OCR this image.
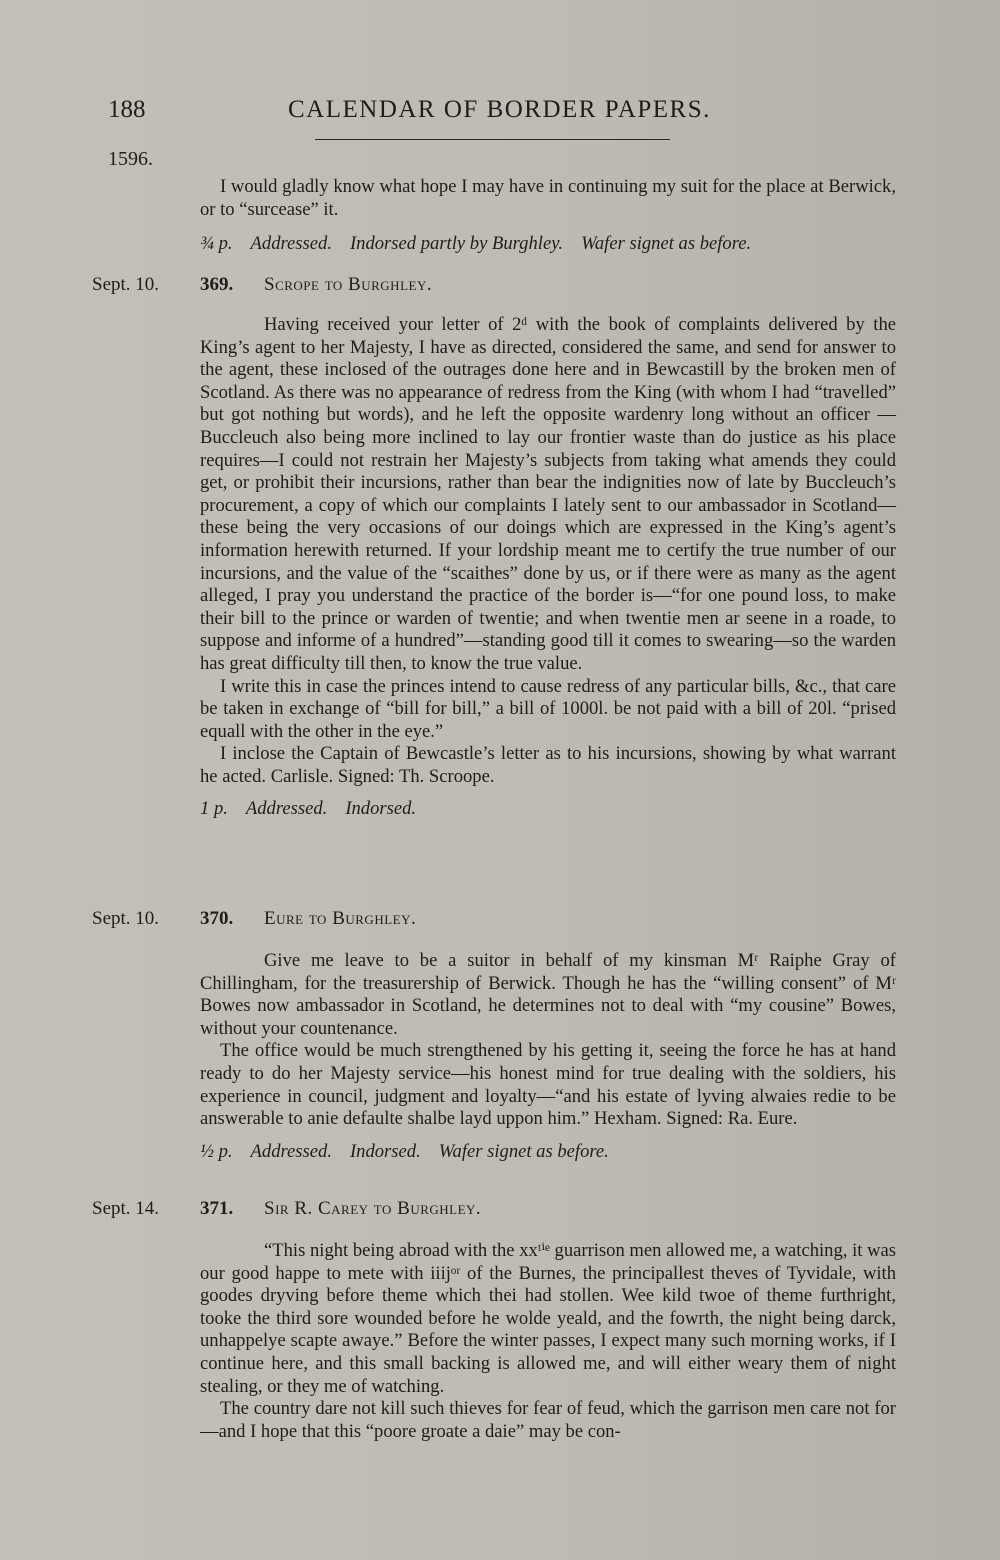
188	CALENDAR OF BORDER PAPERS.
1596.

I would gladly know what hope I may have in continuing my suit for the place at Berwick, or to “surcease” it.

¾ p. Addressed. Indorsed partly by Burghley. Wafer signet as before.

Sept. 10.	369. Scrope to Burghley.

Having received your letter of 2ᵈ with the book of complaints delivered by the King’s agent to her Majesty, I have as directed, considered the same, and send for answer to the agent, these inclosed of the outrages done here and in Bewcastill by the broken men of Scotland. As there was no appearance of redress from the King (with whom I had “travelled” but got nothing but words), and he left the opposite wardenry long without an officer —Buccleuch also being more inclined to lay our frontier waste than do justice as his place requires—I could not restrain her Majesty’s subjects from taking what amends they could get, or prohibit their incursions, rather than bear the indignities now of late by Buccleuch’s procurement, a copy of which our complaints I lately sent to our ambassador in Scotland—these being the very occasions of our doings which are expressed in the King’s agent’s information herewith returned. If your lordship meant me to certify the true number of our incursions, and the value of the “scaithes” done by us, or if there were as many as the agent alleged, I pray you understand the practice of the border is—“for one pound loss, to make their bill to the prince or warden of twentie; and when twentie men ar seene in a roade, to suppose and informe of a hundred”—standing good till it comes to swearing—so the warden has great difficulty till then, to know the true value.

I write this in case the princes intend to cause redress of any particular bills, &c., that care be taken in exchange of “bill for bill,” a bill of 1000l. be not paid with a bill of 20l. “prised equall with the other in the eye.”

I inclose the Captain of Bewcastle’s letter as to his incursions, showing by what warrant he acted. Carlisle. Signed: Th. Scroope.

1 p. Addressed. Indorsed.

Sept. 10.	370. Eure to Burghley.

Give me leave to be a suitor in behalf of my kinsman Mʳ Raiphe Gray of Chillingham, for the treasurership of Berwick. Though he has the “willing consent” of Mʳ Bowes now ambassador in Scotland, he determines not to deal with “my cousine” Bowes, without your countenance.

The office would be much strengthened by his getting it, seeing the force he has at hand ready to do her Majesty service—his honest mind for true dealing with the soldiers, his experience in council, judgment and loyalty—“and his estate of lyving alwaies redie to be answerable to anie defaulte shalbe layd uppon him.” Hexham. Signed: Ra. Eure.

½ p. Addressed. Indorsed. Wafer signet as before.

Sept. 14.	371. Sir R. Carey to Burghley.

“This night being abroad with the xxᵗⁱᵉ guarrison men allowed me, a watching, it was our good happe to mete with iiijᵒʳ of the Burnes, the principallest theves of Tyvidale, with goodes dryving before theme which thei had stollen. Wee kild twoe of theme furthright, tooke the third sore wounded before he wolde yeald, and the fowrth, the night being darck, unhappelye scapte awaye.” Before the winter passes, I expect many such morning works, if I continue here, and this small backing is allowed me, and will either weary them of night stealing, or they me of watching.

The country dare not kill such thieves for fear of feud, which the garrison men care not for—and I hope that this “poore groate a daie” may be con-
